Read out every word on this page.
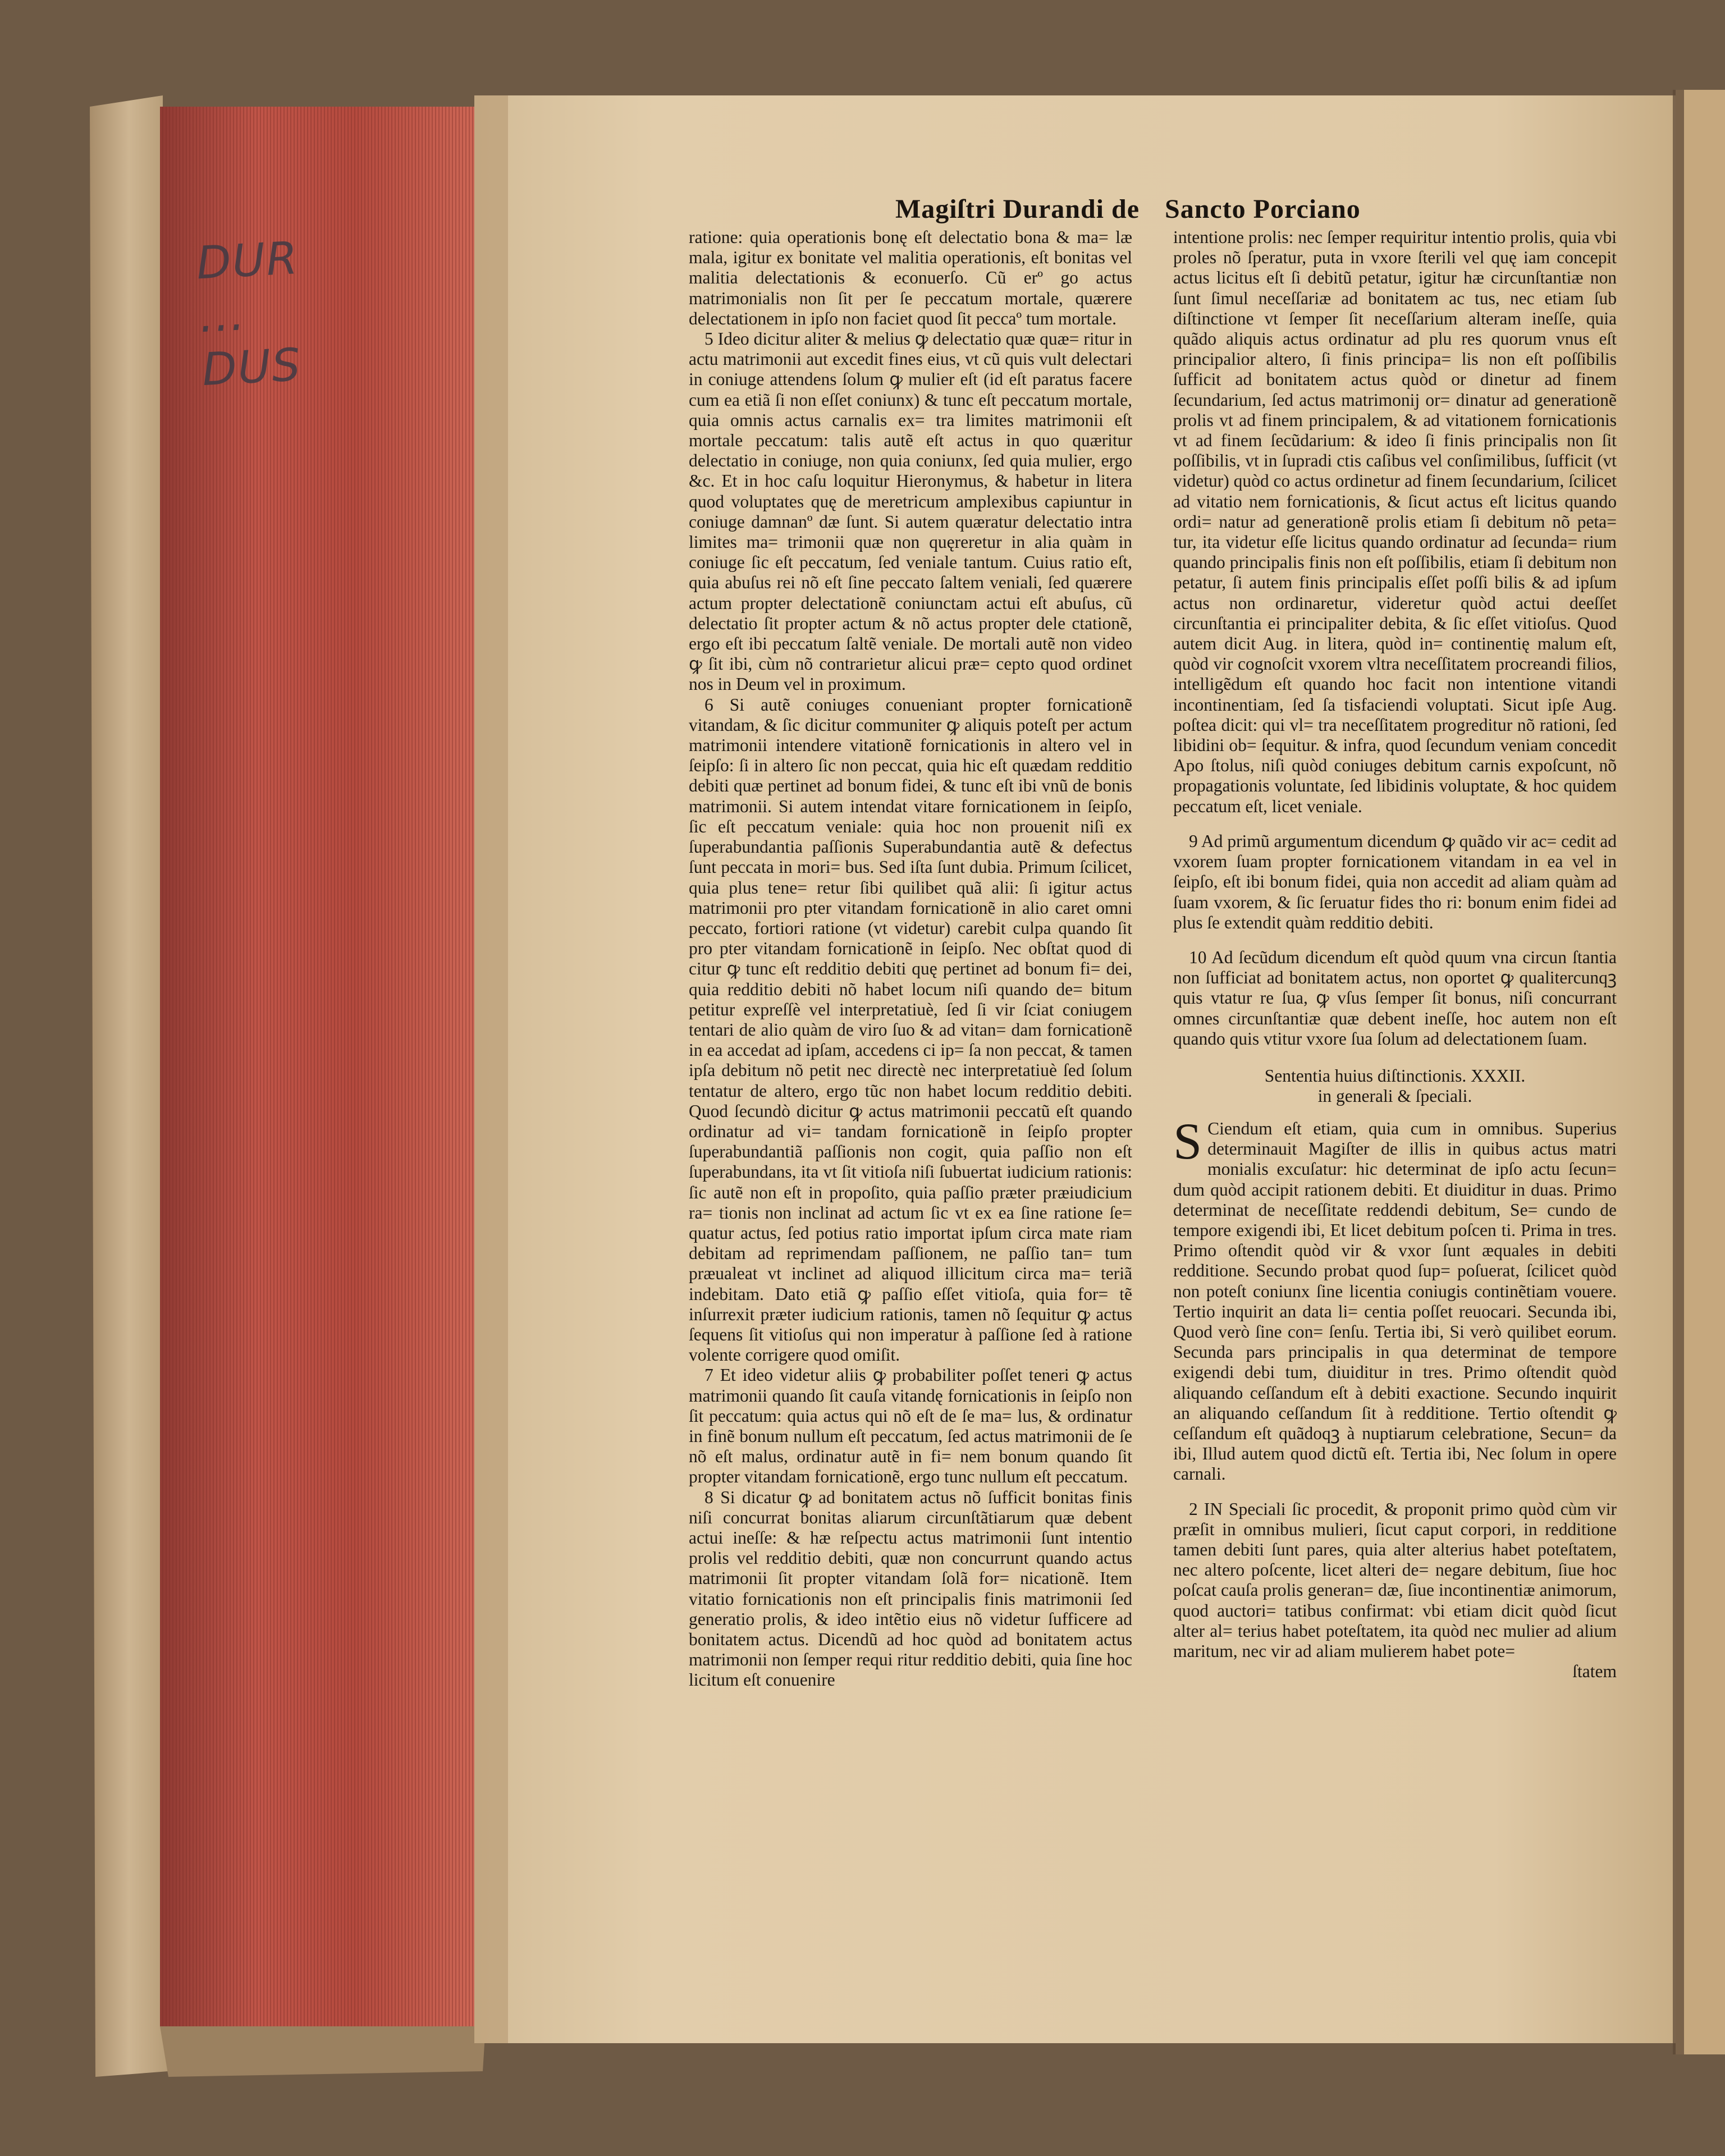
DUR ... DUS
Magiſtri Durandi de Sancto Porciano

ratione: quia operationis bonę eſt delectatio bona & ma= læ mala, igitur ex bonitate vel malitia operationis, eſt bonitas vel malitia delectationis & econuerſo. Cũ erº go actus matrimonialis non ſit per ſe peccatum mortale, quærere delectationem in ipſo non faciet quod ſit peccaº tum mortale.

5 Ideo dicitur aliter & melius ꝙ delectatio quæ quæ= ritur in actu matrimonii aut excedit fines eius, vt cũ quis vult delectari in coniuge attendens ſolum ꝙ mulier eſt (id eſt paratus facere cum ea etiã ſi non eſſet coniunx) & tunc eſt peccatum mortale, quia omnis actus carnalis ex= tra limites matrimonii eſt mortale peccatum: talis autẽ eſt actus in quo quæritur delectatio in coniuge, non quia coniunx, ſed quia mulier, ergo &c. Et in hoc caſu loquitur Hieronymus, & habetur in litera quod voluptates quę de meretricum amplexibus capiuntur in coniuge damnanº dæ ſunt. Si autem quæratur delectatio intra limites ma= trimonii quæ non quęreretur in alia quàm in coniuge ſic eſt peccatum, ſed veniale tantum. Cuius ratio eſt, quia abuſus rei nõ eſt ſine peccato ſaltem veniali, ſed quærere actum propter delectationẽ coniunctam actui eſt abuſus, cũ delectatio ſit propter actum & nõ actus propter dele ctationẽ, ergo eſt ibi peccatum ſaltẽ veniale. De mortali autẽ non video ꝙ ſit ibi, cùm nõ contrarietur alicui præ= cepto quod ordinet nos in Deum vel in proximum.

6 Si autẽ coniuges conueniant propter fornicationẽ vitandam, & ſic dicitur communiter ꝙ aliquis poteſt per actum matrimonii intendere vitationẽ fornicationis in altero vel in ſeipſo: ſi in altero ſic non peccat, quia hic eſt quædam redditio debiti quæ pertinet ad bonum fidei, & tunc eſt ibi vnũ de bonis matrimonii. Si autem intendat vitare fornicationem in ſeipſo, ſic eſt peccatum veniale: quia hoc non prouenit niſi ex ſuperabundantia paſſionis Superabundantia autẽ & defectus ſunt peccata in mori= bus. Sed iſta ſunt dubia. Primum ſcilicet, quia plus tene= retur ſibi quilibet quã alii: ſi igitur actus matrimonii pro pter vitandam fornicationẽ in alio caret omni peccato, fortiori ratione (vt videtur) carebit culpa quando ſit pro pter vitandam fornicationẽ in ſeipſo. Nec obſtat quod di citur ꝙ tunc eſt redditio debiti quę pertinet ad bonum fi= dei, quia redditio debiti nõ habet locum niſi quando de= bitum petitur expreſſè vel interpretatiuè, ſed ſi vir ſciat coniugem tentari de alio quàm de viro ſuo & ad vitan= dam fornicationẽ in ea accedat ad ipſam, accedens ci ip= ſa non peccat, & tamen ipſa debitum nõ petit nec directè nec interpretatiuè ſed ſolum tentatur de altero, ergo tũc non habet locum redditio debiti. Quod ſecundò dicitur ꝙ actus matrimonii peccatũ eſt quando ordinatur ad vi= tandam fornicationẽ in ſeipſo propter ſuperabundantiã paſſionis non cogit, quia paſſio non eſt ſuperabundans, ita vt ſit vitioſa niſi ſubuertat iudicium rationis: ſic autẽ non eſt in propoſito, quia paſſio præter præiudicium ra= tionis non inclinat ad actum ſic vt ex ea ſine ratione ſe= quatur actus, ſed potius ratio importat ipſum circa mate riam debitam ad reprimendam paſſionem, ne paſſio tan= tum præualeat vt inclinet ad aliquod illicitum circa ma= teriã indebitam. Dato etiã ꝙ paſſio eſſet vitioſa, quia for= tẽ inſurrexit præter iudicium rationis, tamen nõ ſequitur ꝙ actus ſequens ſit vitioſus qui non imperatur à paſſione ſed à ratione volente corrigere quod omiſit.

7 Et ideo videtur aliis ꝙ probabiliter poſſet teneri ꝙ actus matrimonii quando ſit cauſa vitandę fornicationis in ſeipſo non ſit peccatum: quia actus qui nõ eſt de ſe ma= lus, & ordinatur in finẽ bonum nullum eſt peccatum, ſed actus matrimonii de ſe nõ eſt malus, ordinatur autẽ in fi= nem bonum quando ſit propter vitandam fornicationẽ, ergo tunc nullum eſt peccatum.

8 Si dicatur ꝙ ad bonitatem actus nõ ſufficit bonitas finis niſi concurrat bonitas aliarum circunſtãtiarum quæ debent actui ineſſe: & hæ reſpectu actus matrimonii ſunt intentio prolis vel redditio debiti, quæ non concurrunt quando actus matrimonii ſit propter vitandam ſolã for= nicationẽ. Item vitatio fornicationis non eſt principalis finis matrimonii ſed generatio prolis, & ideo intẽtio eius nõ videtur ſufficere ad bonitatem actus. Dicendũ ad hoc quòd ad bonitatem actus matrimonii non ſemper requi ritur redditio debiti, quia ſine hoc licitum eſt conuenire

intentione prolis: nec ſemper requiritur intentio prolis, quia vbi proles nõ ſperatur, puta in vxore ſterili vel quę iam concepit actus licitus eſt ſi debitũ petatur, igitur hæ circunſtantiæ non ſunt ſimul neceſſariæ ad bonitatem ac tus, nec etiam ſub diſtinctione vt ſemper ſit neceſſarium alteram ineſſe, quia quãdo aliquis actus ordinatur ad plu res quorum vnus eſt principalior altero, ſi finis principa= lis non eſt poſſibilis ſufficit ad bonitatem actus quòd or dinetur ad finem ſecundarium, ſed actus matrimonij or= dinatur ad generationẽ prolis vt ad finem principalem, & ad vitationem fornicationis vt ad finem ſecũdarium: & ideo ſi finis principalis non ſit poſſibilis, vt in ſupradi ctis caſibus vel conſimilibus, ſufficit (vt videtur) quòd co actus ordinetur ad finem ſecundarium, ſcilicet ad vitatio nem fornicationis, & ſicut actus eſt licitus quando ordi= natur ad generationẽ prolis etiam ſi debitum nõ peta= tur, ita videtur eſſe licitus quando ordinatur ad ſecunda= rium quando principalis finis non eſt poſſibilis, etiam ſi debitum non petatur, ſi autem finis principalis eſſet poſſi bilis & ad ipſum actus non ordinaretur, videretur quòd actui deeſſet circunſtantia ei principaliter debita, & ſic eſſet vitioſus. Quod autem dicit Aug. in litera, quòd in= continentię malum eſt, quòd vir cognoſcit vxorem vltra neceſſitatem procreandi filios, intelligẽdum eſt quando hoc facit non intentione vitandi incontinentiam, ſed ſa tisfaciendi voluptati. Sicut ipſe Aug. poſtea dicit: qui vl= tra neceſſitatem progreditur nõ rationi, ſed libidini ob= ſequitur. & infra, quod ſecundum veniam concedit Apo ſtolus, niſi quòd coniuges debitum carnis expoſcunt, nõ propagationis voluntate, ſed libidinis voluptate, & hoc quidem peccatum eſt, licet veniale.

9 Ad primũ argumentum dicendum ꝙ quãdo vir ac= cedit ad vxorem ſuam propter fornicationem vitandam in ea vel in ſeipſo, eſt ibi bonum fidei, quia non accedit ad aliam quàm ad ſuam vxorem, & ſic ſeruatur fides tho ri: bonum enim fidei ad plus ſe extendit quàm redditio debiti.

10 Ad ſecũdum dicendum eſt quòd quum vna circun ſtantia non ſufficiat ad bonitatem actus, non oportet ꝙ qualitercunqꝫ quis vtatur re ſua, ꝙ vſus ſemper ſit bonus, niſi concurrant omnes circunſtantiæ quæ debent ineſſe, hoc autem non eſt quando quis vtitur vxore ſua ſolum ad delectationem ſuam.

Sententia huius diſtinctionis. XXXII.
in generali & ſpeciali.

S Ciendum eſt etiam, quia cum in omnibus. Superius determinauit Magiſter de illis in quibus actus matri monialis excuſatur: hic determinat de ipſo actu ſecun= dum quòd accipit rationem debiti. Et diuiditur in duas. Primo determinat de neceſſitate reddendi debitum, Se= cundo de tempore exigendi ibi, Et licet debitum poſcen ti. Prima in tres. Primo oſtendit quòd vir & vxor ſunt æquales in debiti redditione. Secundo probat quod ſup= poſuerat, ſcilicet quòd non poteſt coniunx ſine licentia coniugis continẽtiam vouere. Tertio inquirit an data li= centia poſſet reuocari. Secunda ibi, Quod verò ſine con= ſenſu. Tertia ibi, Si verò quilibet eorum. Secunda pars principalis in qua determinat de tempore exigendi debi tum, diuiditur in tres. Primo oſtendit quòd aliquando ceſſandum eſt à debiti exactione. Secundo inquirit an aliquando ceſſandum ſit à redditione. Tertio oſtendit ꝙ ceſſandum eſt quãdoqꝫ à nuptiarum celebratione, Secun= da ibi, Illud autem quod dictũ eſt. Tertia ibi, Nec ſolum in opere carnali.

2 IN Speciali ſic procedit, & proponit primo quòd cùm vir præſit in omnibus mulieri, ſicut caput corpori, in redditione tamen debiti ſunt pares, quia alter alterius habet poteſtatem, nec altero poſcente, licet alteri de= negare debitum, ſiue hoc poſcat cauſa prolis generan= dæ, ſiue incontinentiæ animorum, quod auctori= tatibus confirmat: vbi etiam dicit quòd ſicut alter al= terius habet poteſtatem, ita quòd nec mulier ad alium maritum, nec vir ad aliam mulierem habet pote=

ſtatem
